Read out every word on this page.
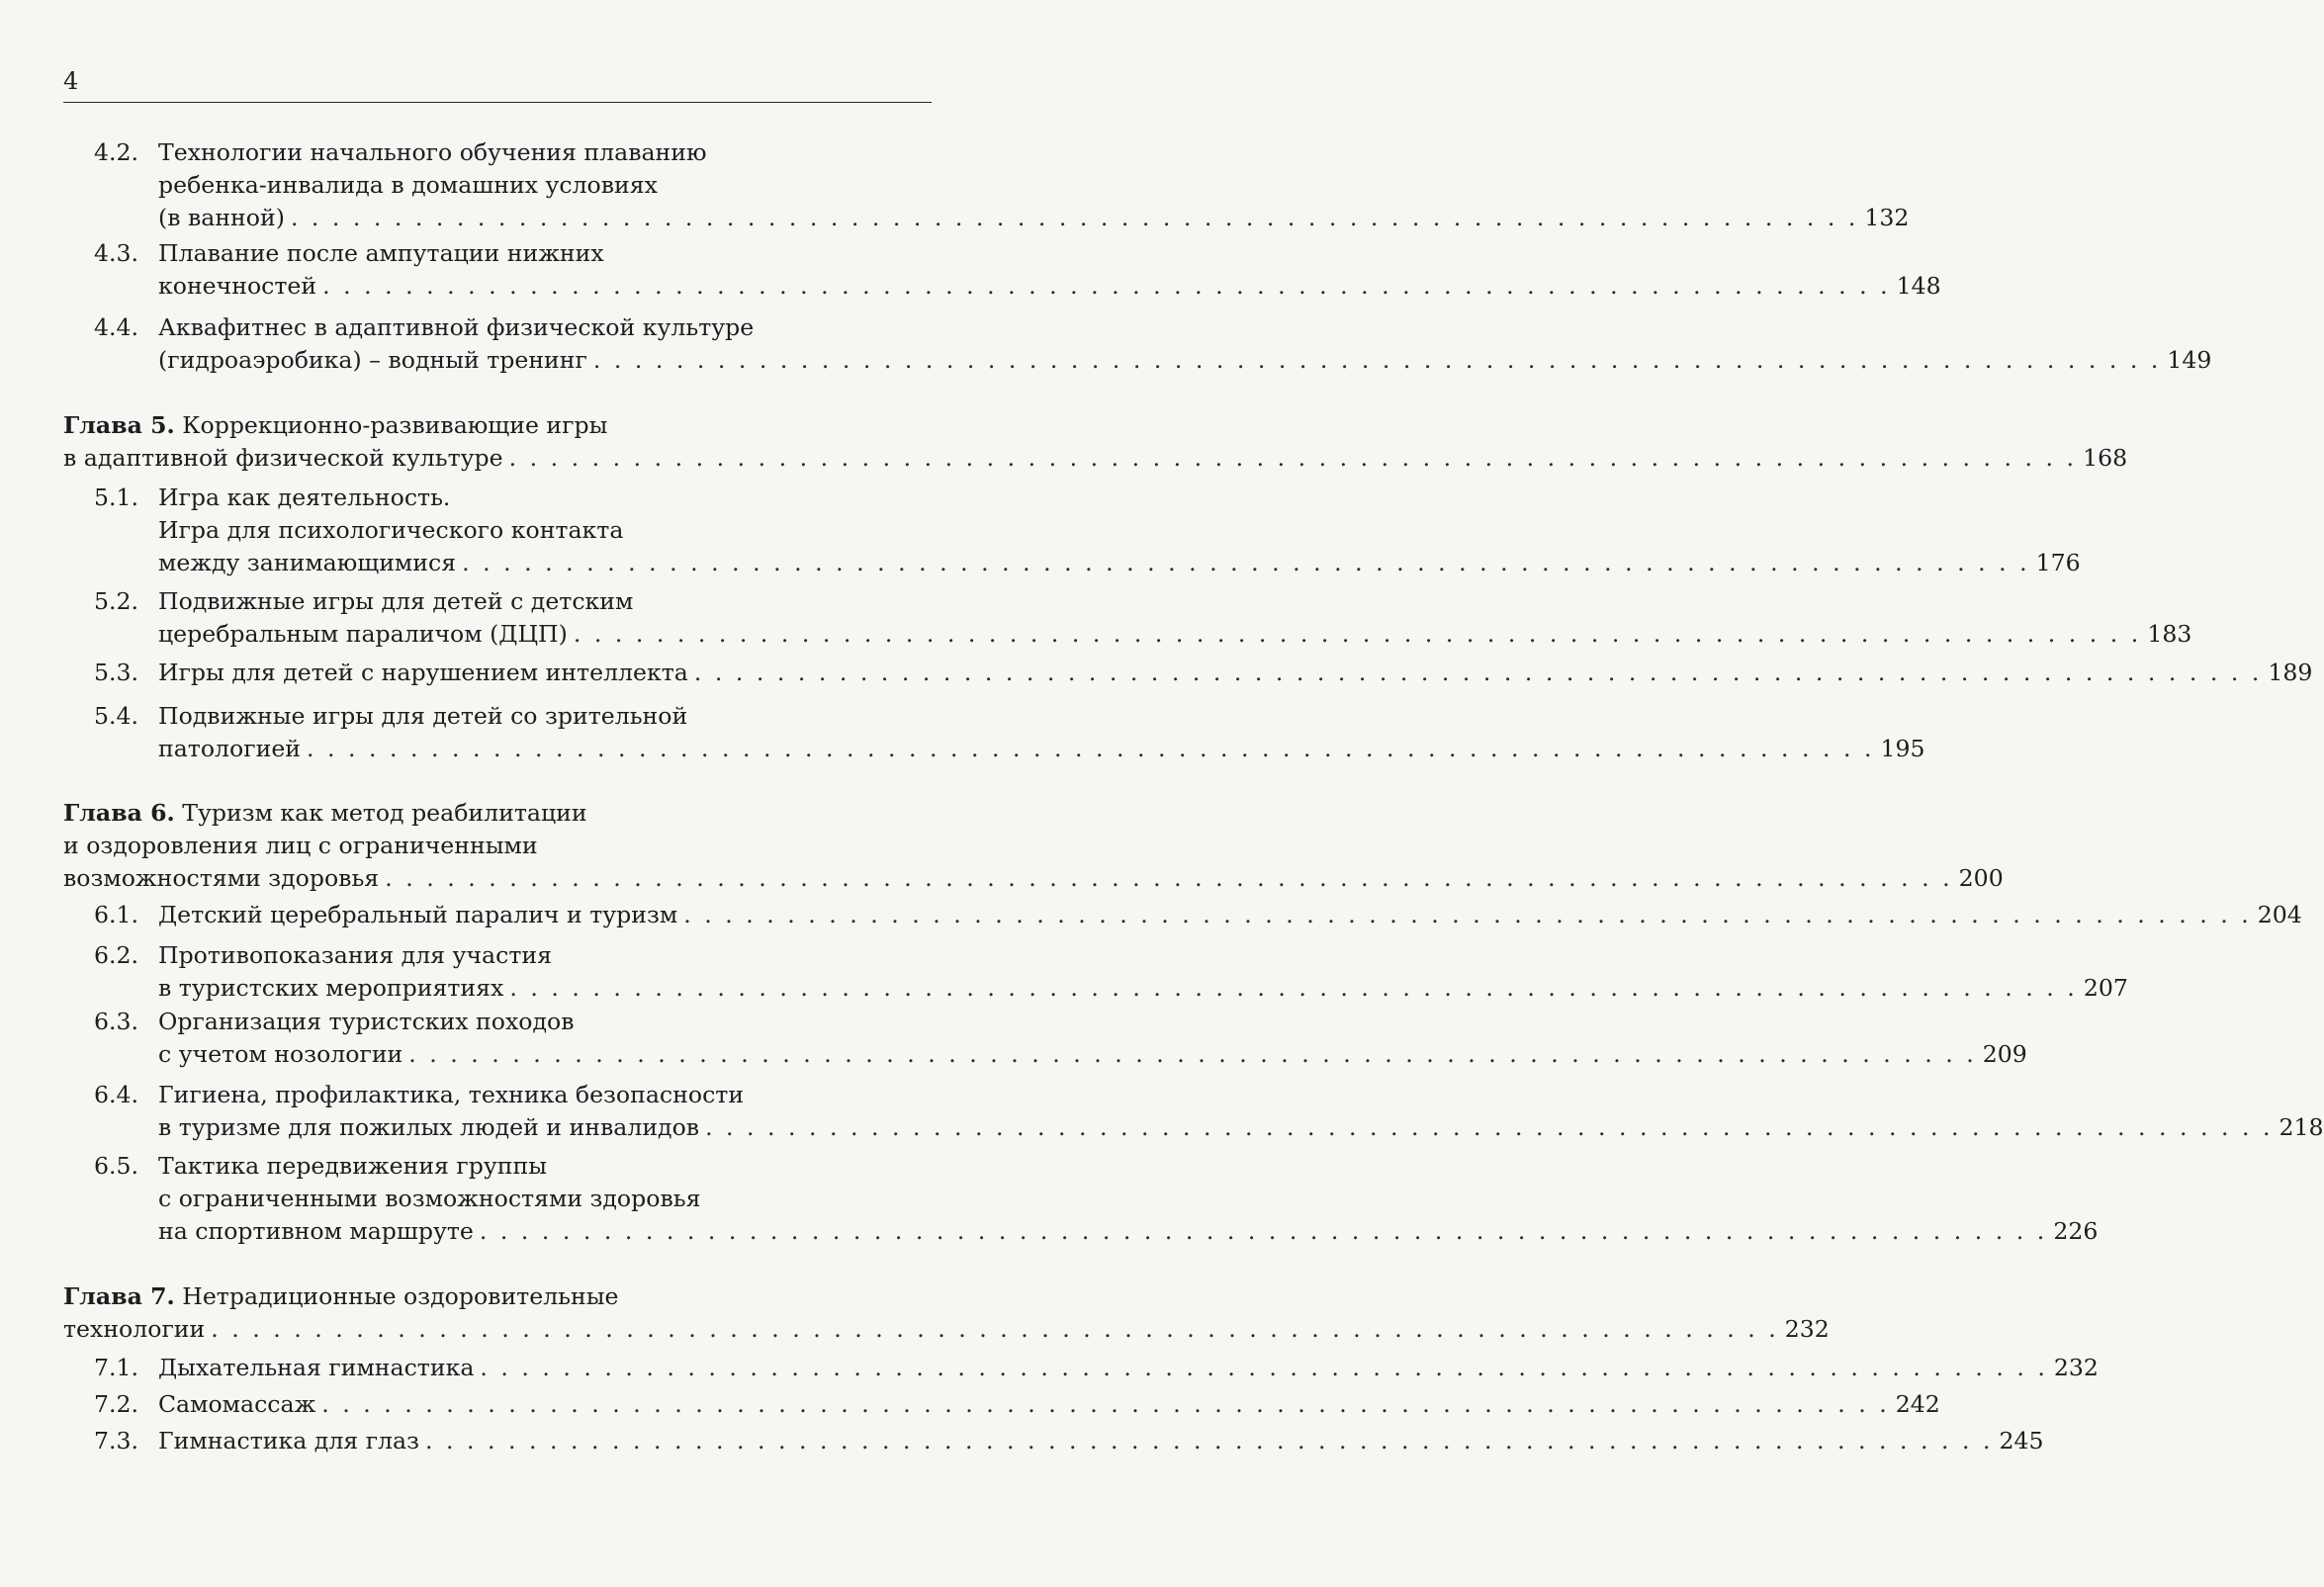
4
4.2. Технологии начального обучения плаванию
ребенка-инвалида в домашних условиях
(в ванной) . . . . . . . . . . . . . . . . . . . . . . . . . . . . . . . . . . . . . . . . . . . . . . . . . . . . . . . . . . . . . . . . . . . . . . . . . . . . 132
4.3. Плавание после ампутации нижних
конечностей . . . . . . . . . . . . . . . . . . . . . . . . . . . . . . . . . . . . . . . . . . . . . . . . . . . . . . . . . . . . . . . . . . . . . . . . . . . . 148
4.4. Аквафитнес в адаптивной физической культуре
(гидроаэробика) – водный тренинг . . . . . . . . . . . . . . . . . . . . . . . . . . . . . . . . . . . . . . . . . . . . . . . . . . . . . . . . . . . . . . . . . . . . . . . . . . . . 149
Глава 5. Коррекционно-развивающие игры
в адаптивной физической культуре . . . . . . . . . . . . . . . . . . . . . . . . . . . . . . . . . . . . . . . . . . . . . . . . . . . . . . . . . . . . . . . . . . . . . . . . . . . . 168
5.1. Игра как деятельность.
Игра для психологического контакта
между занимающимися . . . . . . . . . . . . . . . . . . . . . . . . . . . . . . . . . . . . . . . . . . . . . . . . . . . . . . . . . . . . . . . . . . . . . . . . . . . . 176
5.2. Подвижные игры для детей с детским
церебральным параличом (ДЦП) . . . . . . . . . . . . . . . . . . . . . . . . . . . . . . . . . . . . . . . . . . . . . . . . . . . . . . . . . . . . . . . . . . . . . . . . . . . . 183
5.3. Игры для детей с нарушением интеллекта . . . . . . . . . . . . . . . . . . . . . . . . . . . . . . . . . . . . . . . . . . . . . . . . . . . . . . . . . . . . . . . . . . . . . . . . . . . . 189
5.4. Подвижные игры для детей со зрительной
патологией . . . . . . . . . . . . . . . . . . . . . . . . . . . . . . . . . . . . . . . . . . . . . . . . . . . . . . . . . . . . . . . . . . . . . . . . . . . . 195
Глава 6. Туризм как метод реабилитации
и оздоровления лиц с ограниченными
возможностями здоровья . . . . . . . . . . . . . . . . . . . . . . . . . . . . . . . . . . . . . . . . . . . . . . . . . . . . . . . . . . . . . . . . . . . . . . . . . . . . 200
6.1. Детский церебральный паралич и туризм . . . . . . . . . . . . . . . . . . . . . . . . . . . . . . . . . . . . . . . . . . . . . . . . . . . . . . . . . . . . . . . . . . . . . . . . . . . . 204
6.2. Противопоказания для участия
в туристских мероприятиях . . . . . . . . . . . . . . . . . . . . . . . . . . . . . . . . . . . . . . . . . . . . . . . . . . . . . . . . . . . . . . . . . . . . . . . . . . . . 207
6.3. Организация туристских походов
с учетом нозологии . . . . . . . . . . . . . . . . . . . . . . . . . . . . . . . . . . . . . . . . . . . . . . . . . . . . . . . . . . . . . . . . . . . . . . . . . . . . 209
6.4. Гигиена, профилактика, техника безопасности
в туризме для пожилых людей и инвалидов . . . . . . . . . . . . . . . . . . . . . . . . . . . . . . . . . . . . . . . . . . . . . . . . . . . . . . . . . . . . . . . . . . . . . . . . . . . . 218
6.5. Тактика передвижения группы
с ограниченными возможностями здоровья
на спортивном маршруте . . . . . . . . . . . . . . . . . . . . . . . . . . . . . . . . . . . . . . . . . . . . . . . . . . . . . . . . . . . . . . . . . . . . . . . . . . . . 226
Глава 7. Нетрадиционные оздоровительные
технологии . . . . . . . . . . . . . . . . . . . . . . . . . . . . . . . . . . . . . . . . . . . . . . . . . . . . . . . . . . . . . . . . . . . . . . . . . . . . 232
7.1. Дыхательная гимнастика . . . . . . . . . . . . . . . . . . . . . . . . . . . . . . . . . . . . . . . . . . . . . . . . . . . . . . . . . . . . . . . . . . . . . . . . . . . . 232
7.2. Самомассаж . . . . . . . . . . . . . . . . . . . . . . . . . . . . . . . . . . . . . . . . . . . . . . . . . . . . . . . . . . . . . . . . . . . . . . . . . . . . 242
7.3. Гимнастика для глаз . . . . . . . . . . . . . . . . . . . . . . . . . . . . . . . . . . . . . . . . . . . . . . . . . . . . . . . . . . . . . . . . . . . . . . . . . . . . 245
